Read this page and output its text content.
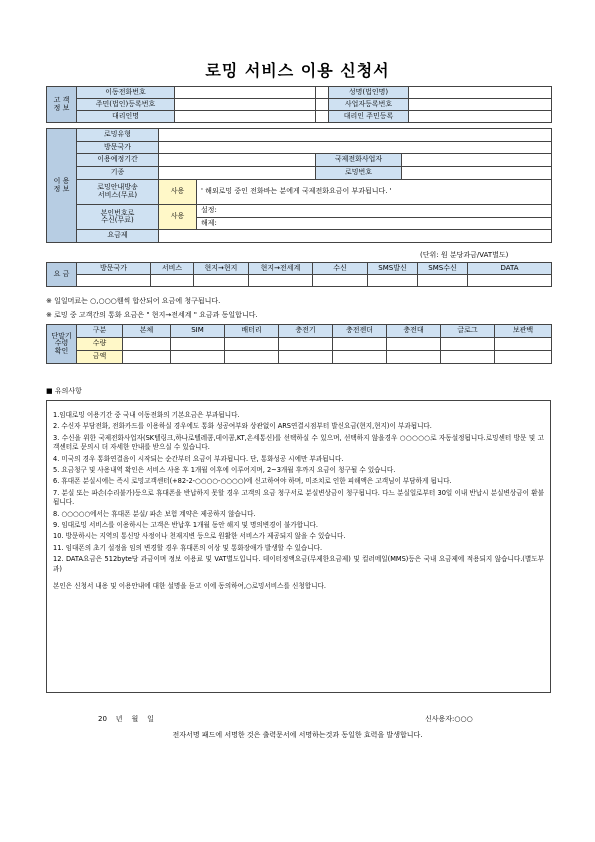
로밍 서비스 이용 신청서
고 객
정 보	이동전화번호			성명(법인명)	
	주민(법인)등록번호			사업자등록번호	
	대리인명			대리인 주민등록	
이 용
정 보	로밍유형				
	방문국가				
	이용예정기간			국제전화사업자	
	기종			로밍번호	
	로밍안내방송
서비스(무료)	사용	' 해외로밍 중인 전화바는 분에게 국제전화요금이 부과됩니다. '		

	본인번호로
수신(무료)	사용	설정:		
			해제:		
	요금제				
(단위: 원 분당과금/VAT별도)
요 금	방문국가	서비스	현지→현지	현지→전세계	수신	SMS발신	SMS수신	DATA

※ 일일머료는 ○,○○○웬씩 합산되어 요금에 청구됩니다.
※ 로밍 중 고객간의 통화 요금은 " 현지→전세계 " 요금과 동일합니다.
단말기
수령
확인	구분	본체	SIM	배터리	충전기	충전젠더	충전대	글로그	보관백
	수량								
	금액								
■ 유의사항

1.임대로밍 이용기간 중 국내 이동전화의 기본요금은 부과됩니다.

2. 수신자 부담전화, 전화카드를 이용하실 경우에도 통화 성공여부와 상관없이 ARS연결시점부터 발신요금(현지,현지)이 부과됩니다.

3. 수신을 위한 국제전화사업자(SK텔링크,하나로텔레콤,데이콤,KT,온세통신)를 선택하실 수 있으며, 선택하지 않을경우 ○○○○○로 자동설정됩니다.로밍센터 방문 및 고객센터로 문의시 더 자세한 안내를 받으실 수 있습니다.

4. 미국의 경우 통화연결음이 시작되는 순간부터 요금이 부과됩니다. 단, 통화성공 시에만 부과됩니다.

5. 요금청구 및 사용내역 확인은 서비스 사용 후 1개월 이후에 이루어지며, 2~3개월 후까지 요금이 청구될 수 있습니다.

6. 휴대폰 분실시에는 즉시 로밍고객센터(+82-2-○○○○-○○○○)에 신고하여야 하며, 미조치로 인한 피해액은 고객님이 부담하게 됩니다.

7. 분실 또는 파손(수리불가)등으로 휴대폰을 반납하지 못할 경우 고객의 요금 청구서로 분실변상금이 청구됩니다. 다느 분실일로부터 30일 이내 반납시 분실변상금이 환불됩니다.

8. ○○○○○에서는 휴대폰 분실/ 파손 보험 계약은 제공하지 않습니다.

9. 임대로밍 서비스를 이용하시는 고객은 반납후 1개월 동안 해지 및 명의변경이 불가합니다.

10. 방문하시는 지역의 통신망 사정이나 천재지변 등으로 원활한 서비스가 제공되지 않을 수 있습니다.

11. 임대폰의 초기 설정을 임의 변경할 경우 휴대폰의 이상 및 통화장애가 발생할 수 있습니다.

12. DATA요금은 512byte당 과금이며 정보 이용료 및 VAT별도입니다. 데이터정액요금(무제한요금제) 및 컬러메일(MMS)등은 국내 요금제에 적용되지 않습니다.(별도부과)

본인은 신청서 내용 및 이용안내에 대한 설명을 듣고 이에 동의하여,○로밍서비스를 신청합니다.

20    년    월    일	신사용자:○○○
전자서명 패드에 서명한 것은 출력문서에 서명하는것과 동일한 효력을 발생합니다.
